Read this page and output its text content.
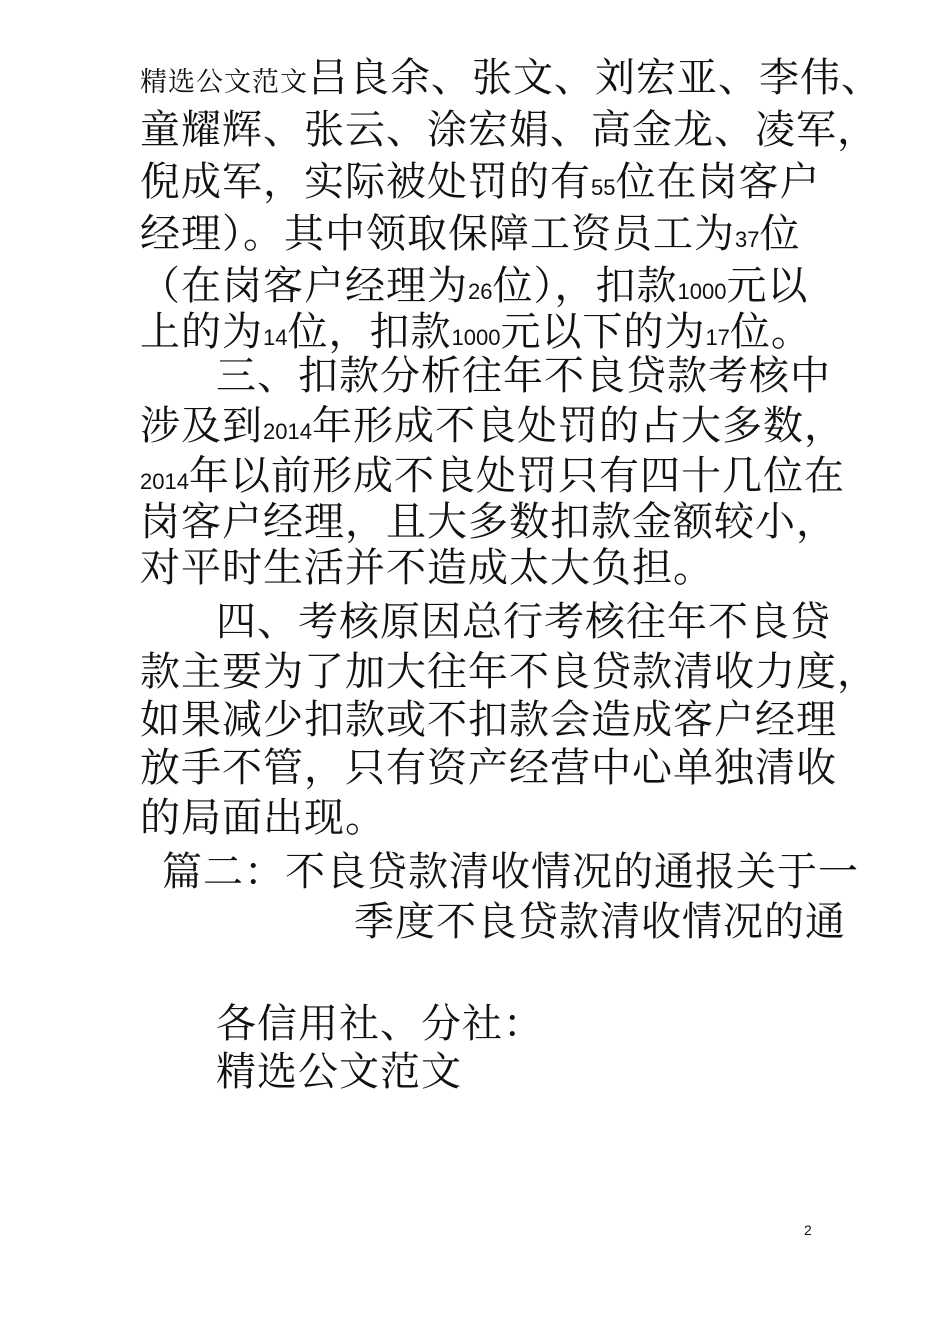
精选公文范文吕良余、张文、刘宏亚、李伟、
童耀辉、张云、涂宏娟、高金龙、凌军，
倪成军，实际被处罚的有55位在岗客户
经理）。其中领取保障工资员工为37位
（在岗客户经理为26位），扣款1000元以
上的为14位，扣款1000元以下的为17位。
三、扣款分析往年不良贷款考核中
涉及到2014年形成不良处罚的占大多数，
2014年以前形成不良处罚只有四十几位在
岗客户经理，且大多数扣款金额较小，
对平时生活并不造成太大负担。
四、考核原因总行考核往年不良贷
款主要为了加大往年不良贷款清收力度，
如果减少扣款或不扣款会造成客户经理
放手不管，只有资产经营中心单独清收
的局面出现。
篇二：不良贷款清收情况的通报关于一
季度不良贷款清收情况的通
各信用社、分社：
精选公文范文
2
